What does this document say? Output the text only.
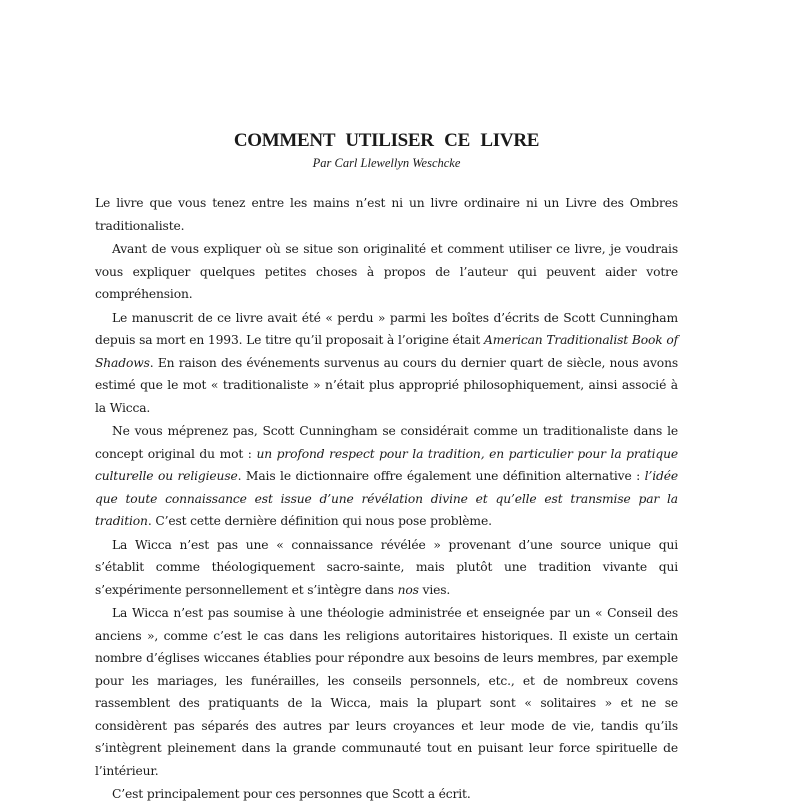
COMMENT UTILISER CE LIVRE

Par Carl Llewellyn Weschcke

Le livre que vous tenez entre les mains n’est ni un livre ordinaire ni un Livre des Ombres traditionaliste.

Avant de vous expliquer où se situe son originalité et comment utiliser ce livre, je voudrais vous expliquer quelques petites choses à propos de l’auteur qui peuvent aider votre compréhension.

Le manuscrit de ce livre avait été « perdu » parmi les boîtes d’écrits de Scott Cunningham depuis sa mort en 1993. Le titre qu’il proposait à l’origine était American Traditionalist Book of Shadows. En raison des événements survenus au cours du dernier quart de siècle, nous avons estimé que le mot « traditionaliste » n’était plus approprié philosophiquement, ainsi associé à la Wicca.

Ne vous méprenez pas, Scott Cunningham se considérait comme un traditionaliste dans le concept original du mot : un profond respect pour la tradition, en particulier pour la pratique culturelle ou religieuse. Mais le dictionnaire offre également une définition alternative : l’idée que toute connaissance est issue d’une révélation divine et qu’elle est transmise par la tradition. C’est cette dernière définition qui nous pose problème.

La Wicca n’est pas une « connaissance révélée » provenant d’une source unique qui s’établit comme théologiquement sacro-sainte, mais plutôt une tradition vivante qui s’expérimente personnellement et s’intègre dans nos vies.

La Wicca n’est pas soumise à une théologie administrée et enseignée par un « Conseil des anciens », comme c’est le cas dans les religions autoritaires historiques. Il existe un certain nombre d’églises wiccanes établies pour répondre aux besoins de leurs membres, par exemple pour les mariages, les funérailles, les conseils personnels, etc., et de nombreux covens rassemblent des pratiquants de la Wicca, mais la plupart sont « solitaires » et ne se considèrent pas séparés des autres par leurs croyances et leur mode de vie, tandis qu’ils s’intègrent pleinement dans la grande communauté tout en puisant leur force spirituelle de l’intérieur.

C’est principalement pour ces personnes que Scott a écrit.
